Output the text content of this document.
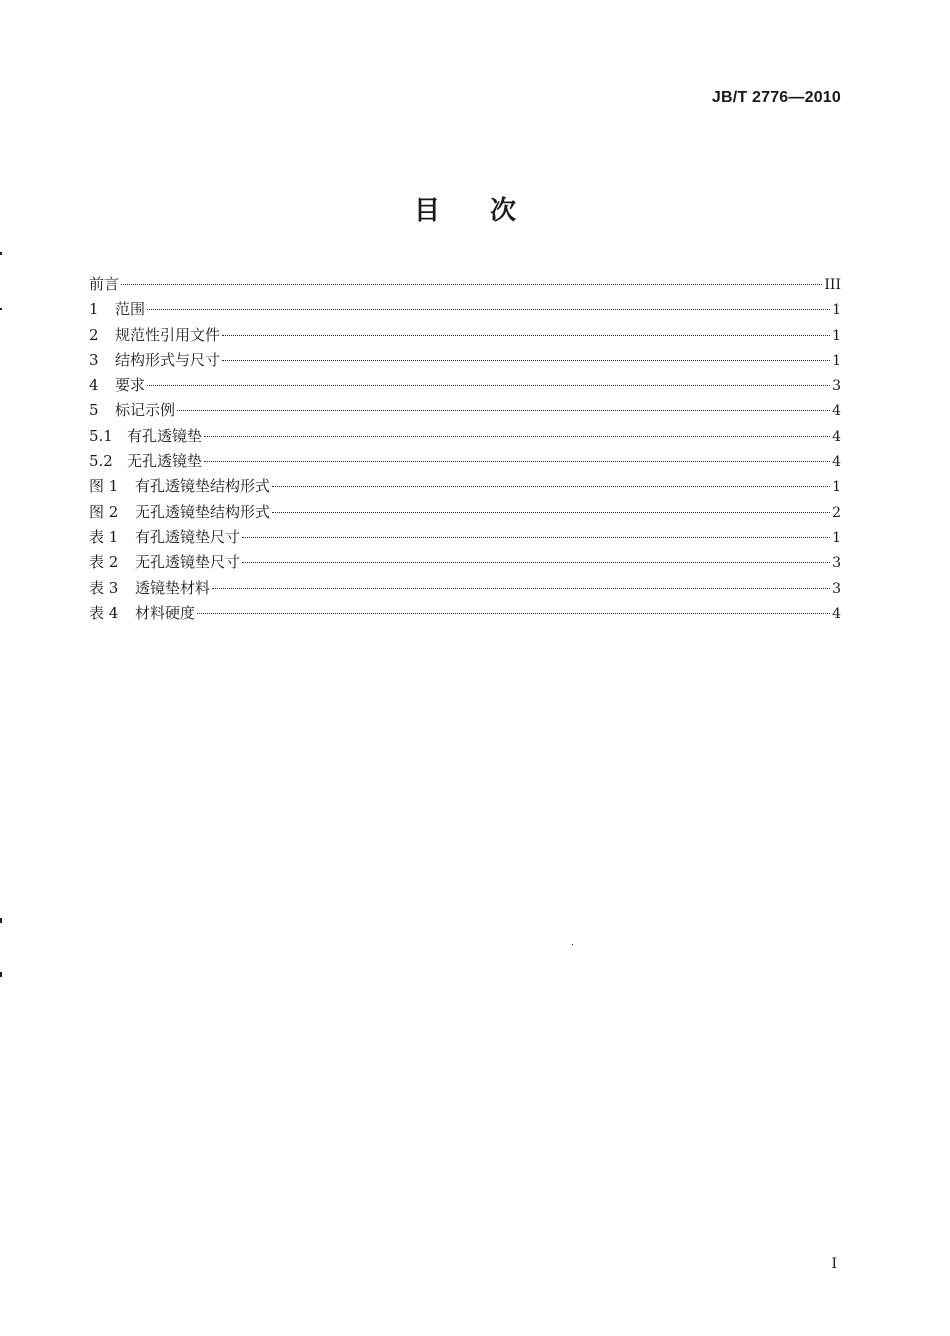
JB/T 2776—2010
目 次
前言	III
1	范围	1
2	规范性引用文件	1
3	结构形式与尺寸	1
4	要求	3
5	标记示例	4
5.1 有孔透镜垫	4
5.2 无孔透镜垫	4
图 1	有孔透镜垫结构形式	1
图 2	无孔透镜垫结构形式	2
表 1	有孔透镜垫尺寸	1
表 2	无孔透镜垫尺寸	3
表 3	透镜垫材料	3
表 4	材料硬度	4
I
